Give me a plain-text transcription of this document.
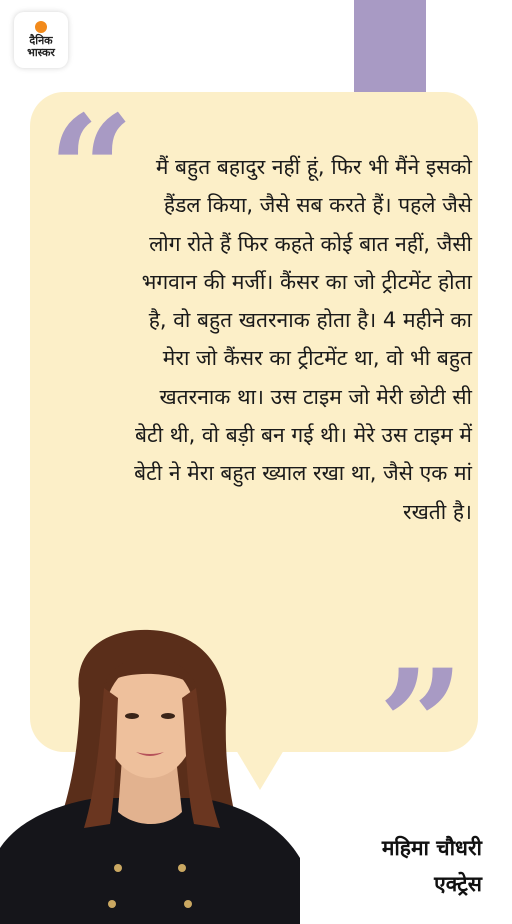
दैनिक
भास्कर
“	मैं बहुत बहादुर नहीं हूं, फिर भी मैंने इसको हैंडल किया, जैसे सब करते हैं। पहले जैसे लोग रोते हैं फिर कहते कोई बात नहीं, जैसी भगवान की मर्जी। कैंसर का जो ट्रीटमेंट होता है, वो बहुत खतरनाक होता है। 4 महीने का मेरा जो कैंसर का ट्रीटमेंट था, वो भी बहुत खतरनाक था। उस टाइम जो मेरी छोटी सी बेटी थी, वो बड़ी बन गई थी। मेरे उस टाइम में बेटी ने मेरा बहुत ख्याल रखा था, जैसे एक मां रखती है।

”
महिमा चौधरी
एक्ट्रेस
